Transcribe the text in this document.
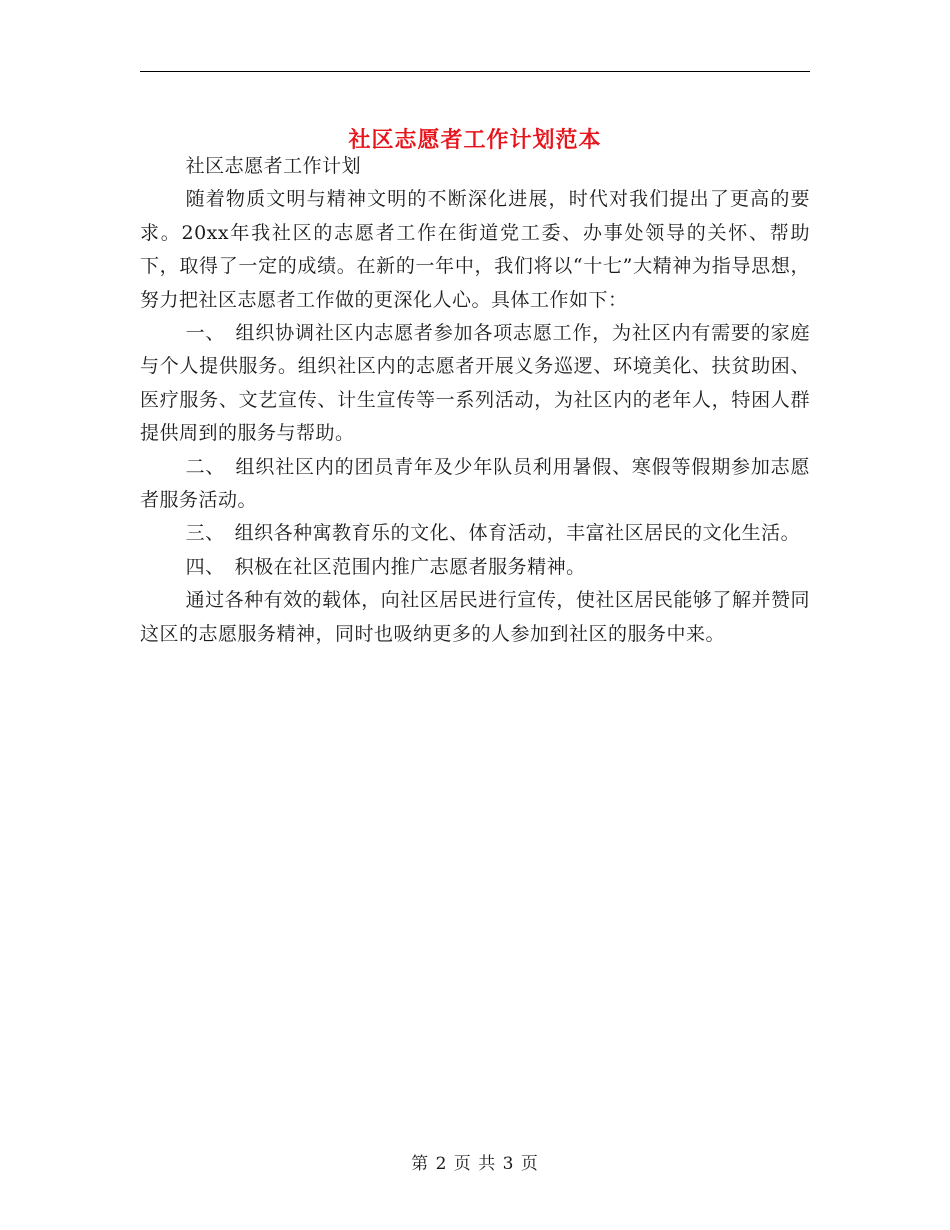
社区志愿者工作计划范本

社区志愿者工作计划

随着物质文明与精神文明的不断深化进展，时代对我们提出了更高的要求。20xx年我社区的志愿者工作在街道党工委、办事处领导的关怀、帮助下，取得了一定的成绩。在新的一年中，我们将以“十七”大精神为指导思想，努力把社区志愿者工作做的更深化人心。具体工作如下：

一、　组织协调社区内志愿者参加各项志愿工作，为社区内有需要的家庭与个人提供服务。组织社区内的志愿者开展义务巡逻、环境美化、扶贫助困、医疗服务、文艺宣传、计生宣传等一系列活动，为社区内的老年人，特困人群提供周到的服务与帮助。

二、　组织社区内的团员青年及少年队员利用暑假、寒假等假期参加志愿者服务活动。

三、　组织各种寓教育乐的文化、体育活动，丰富社区居民的文化生活。

四、　积极在社区范围内推广志愿者服务精神。

通过各种有效的载体，向社区居民进行宣传，使社区居民能够了解并赞同这区的志愿服务精神，同时也吸纳更多的人参加到社区的服务中来。

第 2 页 共 3 页
